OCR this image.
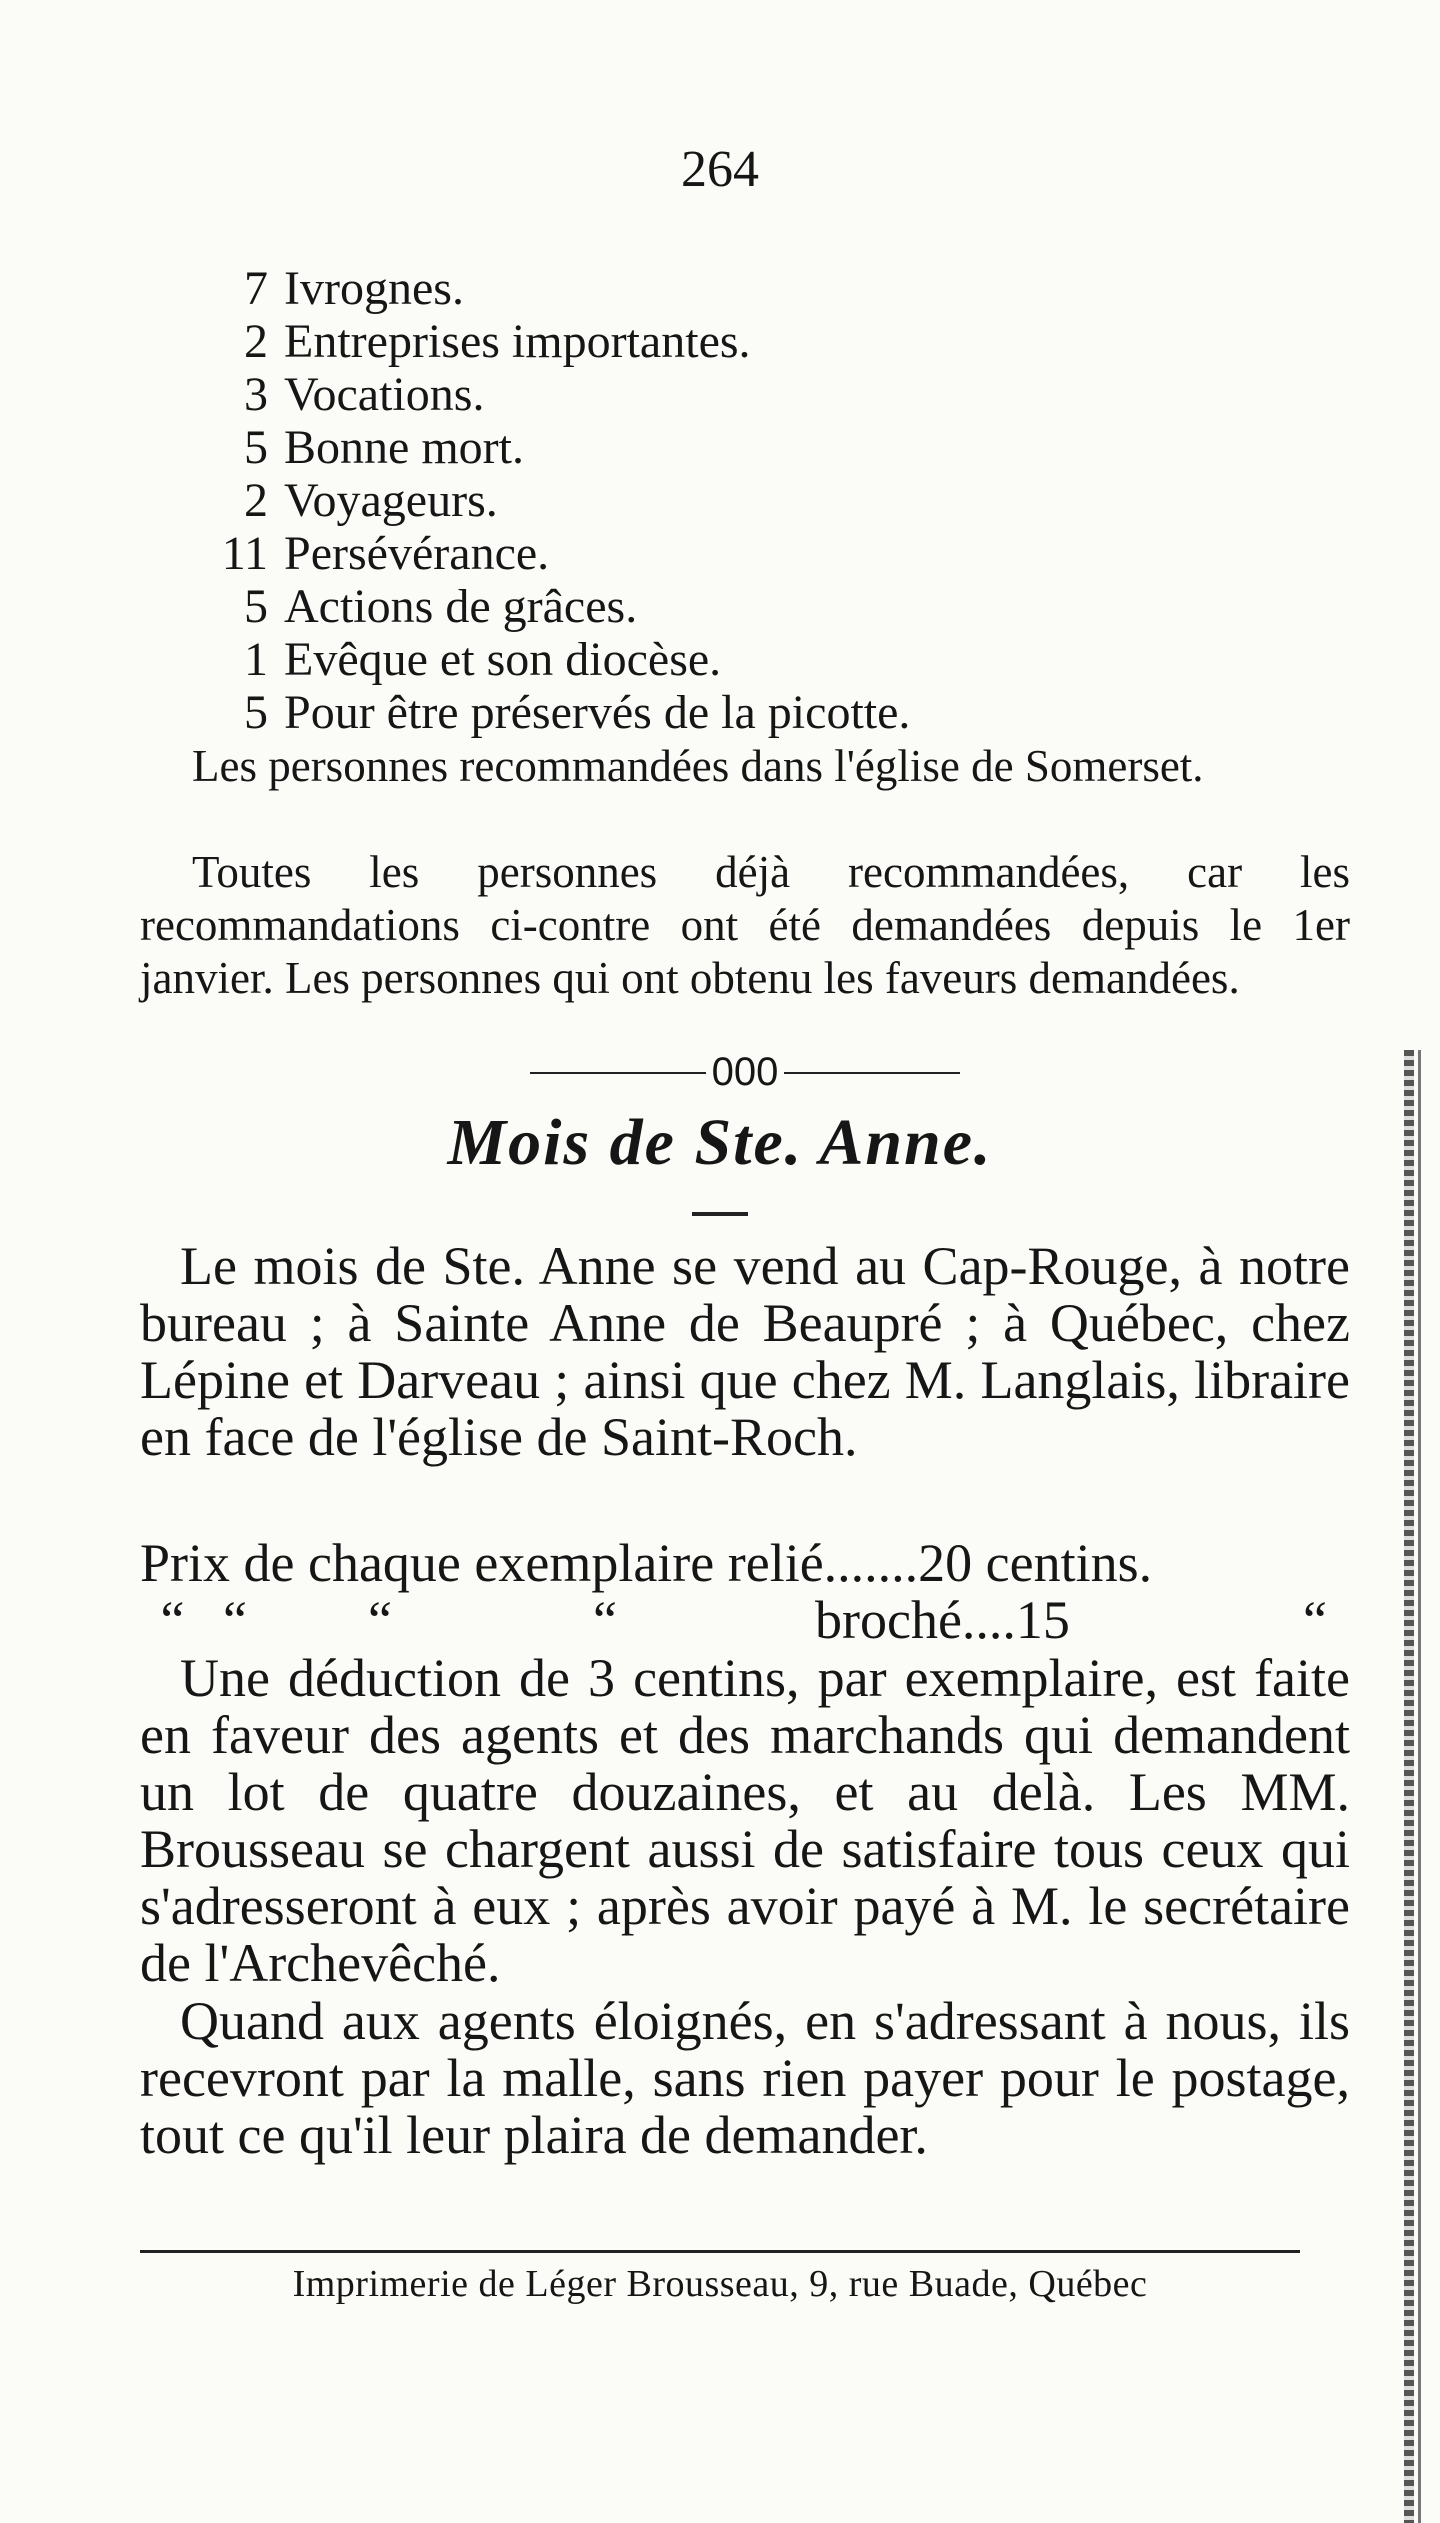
264
7 Ivrognes.
2 Entreprises importantes.
3 Vocations.
5 Bonne mort.
2 Voyageurs.
11 Persévérance.
5 Actions de grâces.
1 Evêque et son diocèse.
5 Pour être préservés de la picotte.
Les personnes recommandées dans l'église de Somerset.
Toutes les personnes déjà recommandées, car les recommandations ci-contre ont été demandées depuis le 1er janvier. Les personnes qui ont obtenu les faveurs demandées.
000
Mois de Ste. Anne.
Le mois de Ste. Anne se vend au Cap-Rouge, à notre bureau ; à Sainte Anne de Beaupré ; à Québec, chez Lépine et Darveau ; ainsi que chez M. Langlais, libraire en face de l'église de Saint-Roch.
Prix de chaque exemplaire relié.......20 centins.
“ “	“	“	broché....15	“
Une déduction de 3 centins, par exemplaire, est faite en faveur des agents et des marchands qui demandent un lot de quatre douzaines, et au delà. Les MM. Brousseau se chargent aussi de satisfaire tous ceux qui s'adresseront à eux ; après avoir payé à M. le secrétaire de l'Archevêché.
Quand aux agents éloignés, en s'adressant à nous, ils recevront par la malle, sans rien payer pour le postage, tout ce qu'il leur plaira de demander.
Imprimerie de Léger Brousseau, 9, rue Buade, Québec
